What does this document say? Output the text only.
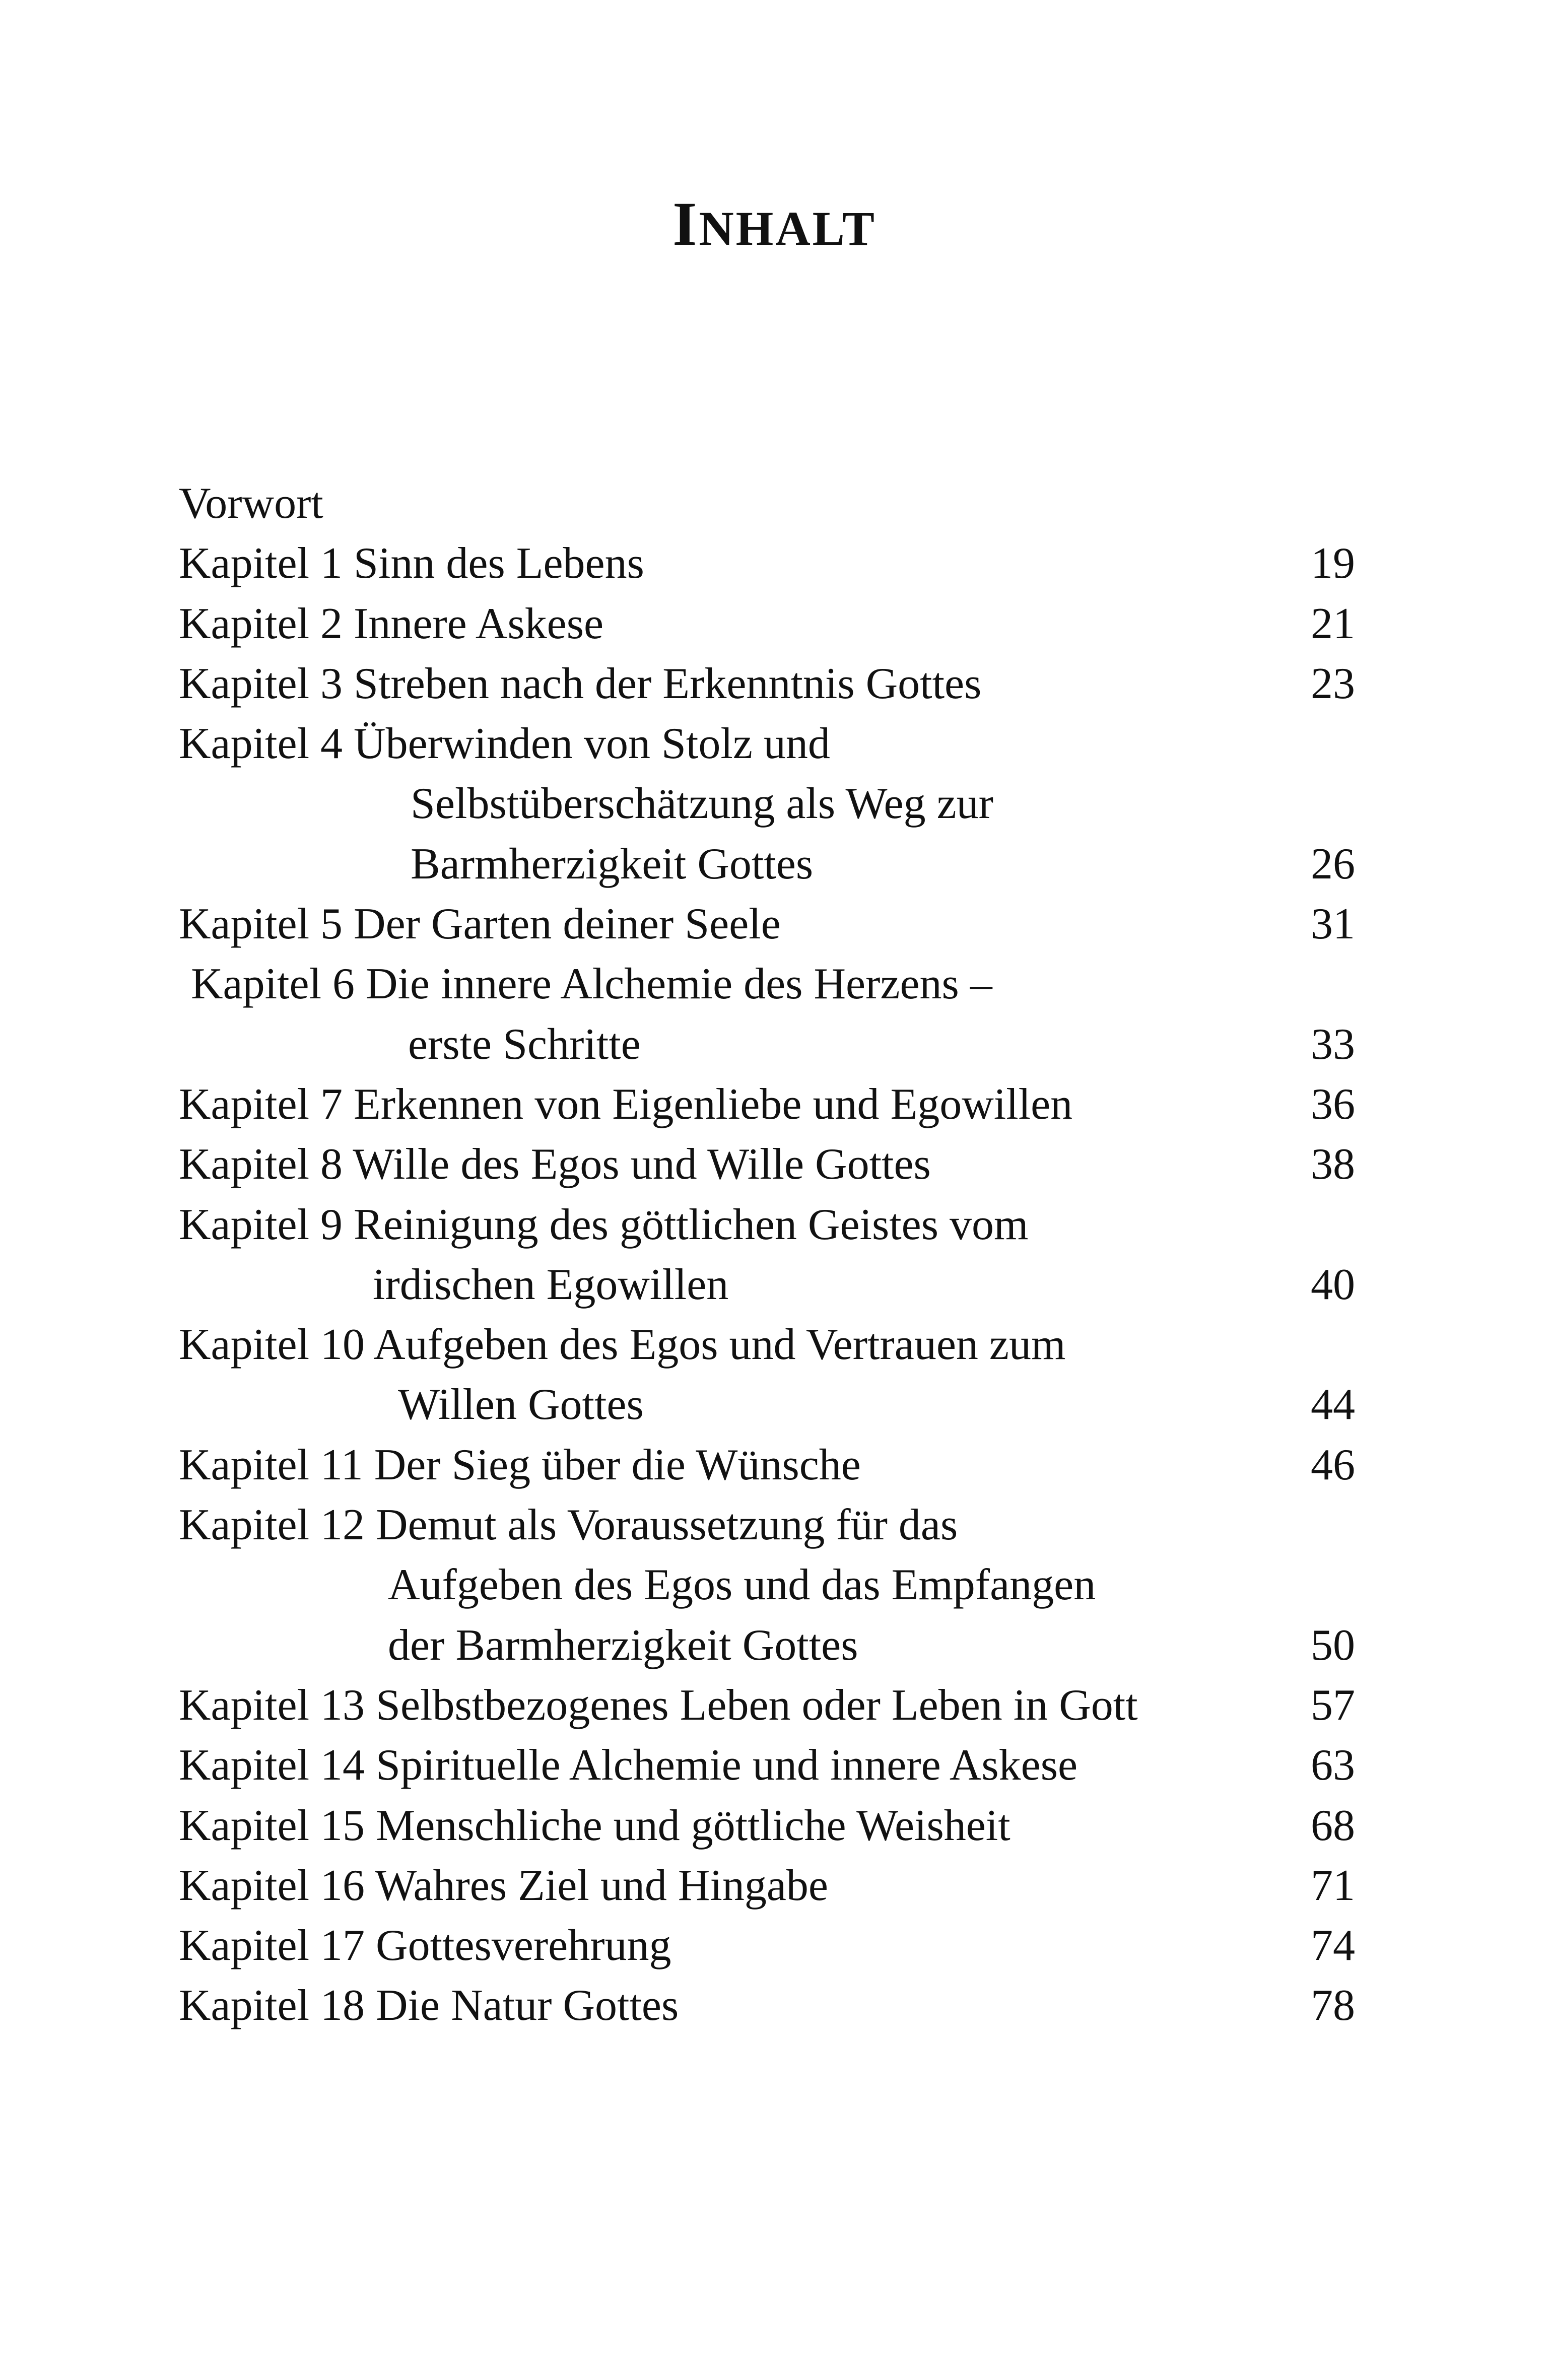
INHALT
Vorwort
Kapitel 1 Sinn des Lebens	19
Kapitel 2 Innere Askese	21
Kapitel 3 Streben nach der Erkenntnis Gottes	23
Kapitel 4 Überwinden von Stolz und
Selbstüberschätzung als Weg zur
Barmherzigkeit Gottes	26
Kapitel 5 Der Garten deiner Seele	31
Kapitel 6 Die innere Alchemie des Herzens –
erste Schritte	33
Kapitel 7 Erkennen von Eigenliebe und Egowillen	36
Kapitel 8 Wille des Egos und Wille Gottes	38
Kapitel 9 Reinigung des göttlichen Geistes vom
irdischen Egowillen	40
Kapitel 10 Aufgeben des Egos und Vertrauen zum
Willen Gottes	44
Kapitel 11 Der Sieg über die Wünsche	46
Kapitel 12 Demut als Voraussetzung für das
Aufgeben des Egos und das Empfangen
der Barmherzigkeit Gottes	50
Kapitel 13 Selbstbezogenes Leben oder Leben in Gott	57
Kapitel 14 Spirituelle Alchemie und innere Askese	63
Kapitel 15 Menschliche und göttliche Weisheit	68
Kapitel 16 Wahres Ziel und Hingabe	71
Kapitel 17 Gottesverehrung	74
Kapitel 18 Die Natur Gottes	78
